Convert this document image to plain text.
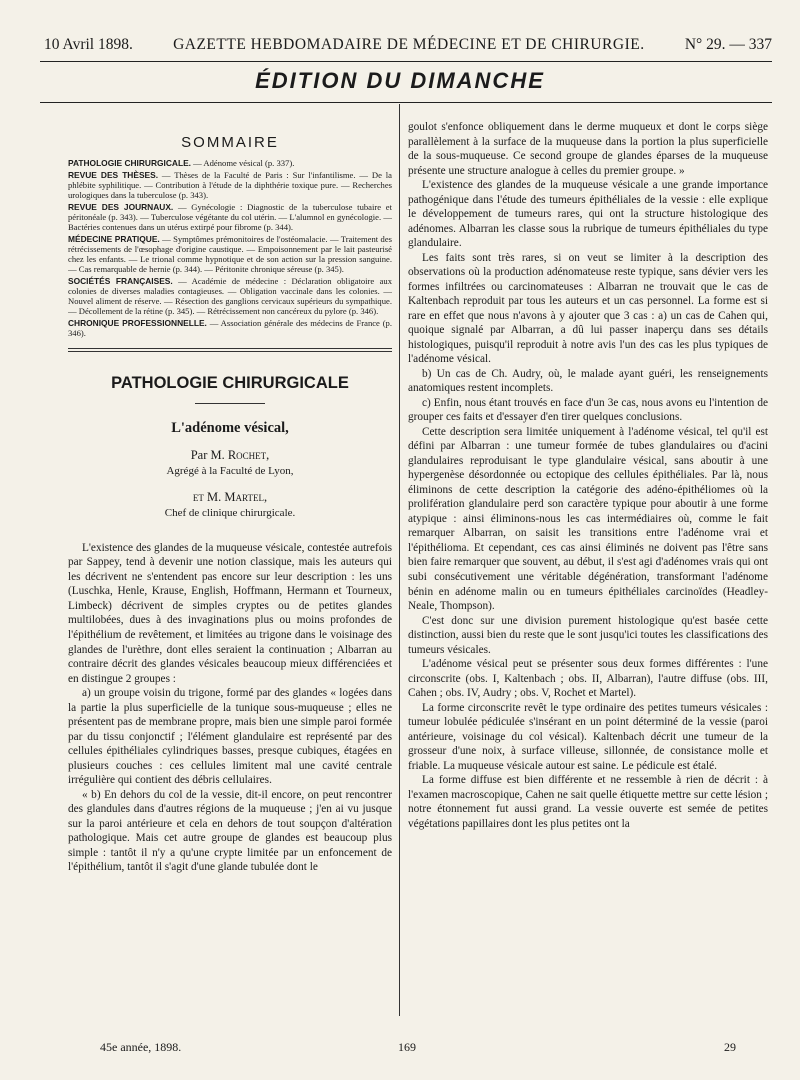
10 Avril 1898.	GAZETTE HEBDOMADAIRE DE MÉDECINE ET DE CHIRURGIE.	N° 29. — 337
ÉDITION DU DIMANCHE
SOMMAIRE

PATHOLOGIE CHIRURGICALE. — Adénome vésical (p. 337).

REVUE DES THÈSES. — Thèses de la Faculté de Paris : Sur l'infantilisme. — De la phlébite syphilitique. — Contribution à l'étude de la diphthérie toxique pure. — Recherches urologiques dans la tuberculose (p. 343).

REVUE DES JOURNAUX. — Gynécologie : Diagnostic de la tuberculose tubaire et péritonéale (p. 343). — Tuberculose végétante du col utérin. — L'alumnol en gynécologie. — Bactéries contenues dans un utérus extirpé pour fibrome (p. 344).

MÉDECINE PRATIQUE. — Symptômes prémonitoires de l'ostéomalacie. — Traitement des rétrécissements de l'œsophage d'origine caustique. — Empoisonnement par le lait pasteurisé chez les enfants. — Le trional comme hypnotique et de son action sur la pression sanguine. — Cas remarquable de hernie (p. 344). — Péritonite chronique séreuse (p. 345).

SOCIÉTÉS FRANÇAISES. — Académie de médecine : Déclaration obligatoire aux colonies de diverses maladies contagieuses. — Obligation vaccinale dans les colonies. — Nouvel aliment de réserve. — Résection des ganglions cervicaux supérieurs du sympathique. — Décollement de la rétine (p. 345). — Rétrécissement non cancéreux du pylore (p. 346).

CHRONIQUE PROFESSIONNELLE. — Association générale des médecins de France (p. 346).

PATHOLOGIE CHIRURGICALE
L'adénome vésical,
Par M. Rochet,
Agrégé à la Faculté de Lyon,
et M. Martel,
Chef de clinique chirurgicale.

L'existence des glandes de la muqueuse vésicale, contestée autrefois par Sappey, tend à devenir une notion classique, mais les auteurs qui les décrivent ne s'entendent pas encore sur leur description : les uns (Luschka, Henle, Krause, English, Hoffmann, Hermann et Tourneux, Limbeck) décrivent de simples cryptes ou de petites glandes multilobées, dues à des invaginations plus ou moins profondes de l'épithélium de revêtement, et limitées au trigone dans le voisinage des glandes de l'urèthre, dont elles seraient la continuation ; Albarran au contraire décrit des glandes vésicales beaucoup mieux différenciées et en distingue 2 groupes :

a) un groupe voisin du trigone, formé par des glandes « logées dans la partie la plus superficielle de la tunique sous-muqueuse ; elles ne présentent pas de membrane propre, mais bien une simple paroi formée par du tissu conjonctif ; l'élément glandulaire est représenté par des cellules épithéliales cylindriques basses, presque cubiques, étagées en plusieurs couches : ces cellules limitent mal une cavité centrale irrégulière qui contient des débris cellulaires.

« b) En dehors du col de la vessie, dit-il encore, on peut rencontrer des glandules dans d'autres régions de la muqueuse ; j'en ai vu jusque sur la paroi antérieure et cela en dehors de tout soupçon d'altération pathologique. Mais cet autre groupe de glandes est beaucoup plus simple : tantôt il n'y a qu'une crypte limitée par un enfoncement de l'épithélium, tantôt il s'agit d'une glande tubulée dont le

goulot s'enfonce obliquement dans le derme muqueux et dont le corps siège parallèlement à la surface de la muqueuse dans la portion la plus superficielle de la sous-muqueuse. Ce second groupe de glandes éparses de la muqueuse présente une structure analogue à celles du premier groupe. »

L'existence des glandes de la muqueuse vésicale a une grande importance pathogénique dans l'étude des tumeurs épithéliales de la vessie : elle explique le développement de tumeurs rares, qui ont la structure histologique des adénomes. Albarran les classe sous la rubrique de tumeurs épithéliales du type glandulaire.

Les faits sont très rares, si on veut se limiter à la description des observations où la production adénomateuse reste typique, sans dévier vers les formes infiltrées ou carcinomateuses : Albarran ne trouvait que le cas de Kaltenbach reproduit par tous les auteurs et un cas personnel. La forme est si rare en effet que nous n'avons à y ajouter que 3 cas : a) un cas de Cahen qui, quoique signalé par Albarran, a dû lui passer inaperçu dans ses détails histologiques, puisqu'il reproduit à notre avis l'un des cas les plus typiques de l'adénome vésical.

b) Un cas de Ch. Audry, où, le malade ayant guéri, les renseignements anatomiques restent incomplets.

c) Enfin, nous étant trouvés en face d'un 3e cas, nous avons eu l'intention de grouper ces faits et d'essayer d'en tirer quelques conclusions.

Cette description sera limitée uniquement à l'adénome vésical, tel qu'il est défini par Albarran : une tumeur formée de tubes glandulaires ou d'acini glandulaires reproduisant le type glandulaire vésical, sans aboutir à une hypergenèse désordonnée ou ectopique des cellules épithéliales. Par là, nous éliminons de cette description la catégorie des adéno-épithéliomes où la prolifération glandulaire perd son caractère typique pour aboutir à une forme atypique : ainsi éliminons-nous les cas intermédiaires où, comme le fait remarquer Albarran, on saisit les transitions entre l'adénome vrai et l'épithélioma. Et cependant, ces cas ainsi éliminés ne doivent pas l'être sans bien faire remarquer que souvent, au début, il s'est agi d'adénomes vrais qui ont subi consécutivement une véritable dégénération, transformant l'adénome bénin en adénome malin ou en tumeurs épithéliales carcinoïdes (Headley-Neale, Thompson).

C'est donc sur une division purement histologique qu'est basée cette distinction, aussi bien du reste que le sont jusqu'ici toutes les classifications des tumeurs vésicales.

L'adénome vésical peut se présenter sous deux formes différentes : l'une circonscrite (obs. I, Kaltenbach ; obs. II, Albarran), l'autre diffuse (obs. III, Cahen ; obs. IV, Audry ; obs. V, Rochet et Martel).

La forme circonscrite revêt le type ordinaire des petites tumeurs vésicales : tumeur lobulée pédiculée s'insérant en un point déterminé de la vessie (paroi antérieure, voisinage du col vésical). Kaltenbach décrit une tumeur de la grosseur d'une noix, à surface villeuse, sillonnée, de consistance molle et friable. La muqueuse vésicale autour est saine. Le pédicule est étalé.

La forme diffuse est bien différente et ne ressemble à rien de décrit : à l'examen macroscopique, Cahen ne sait quelle étiquette mettre sur cette lésion ; notre étonnement fut aussi grand. La vessie ouverte est semée de petites végétations papillaires dont les plus petites ont la

45e année, 1898.	169	29
